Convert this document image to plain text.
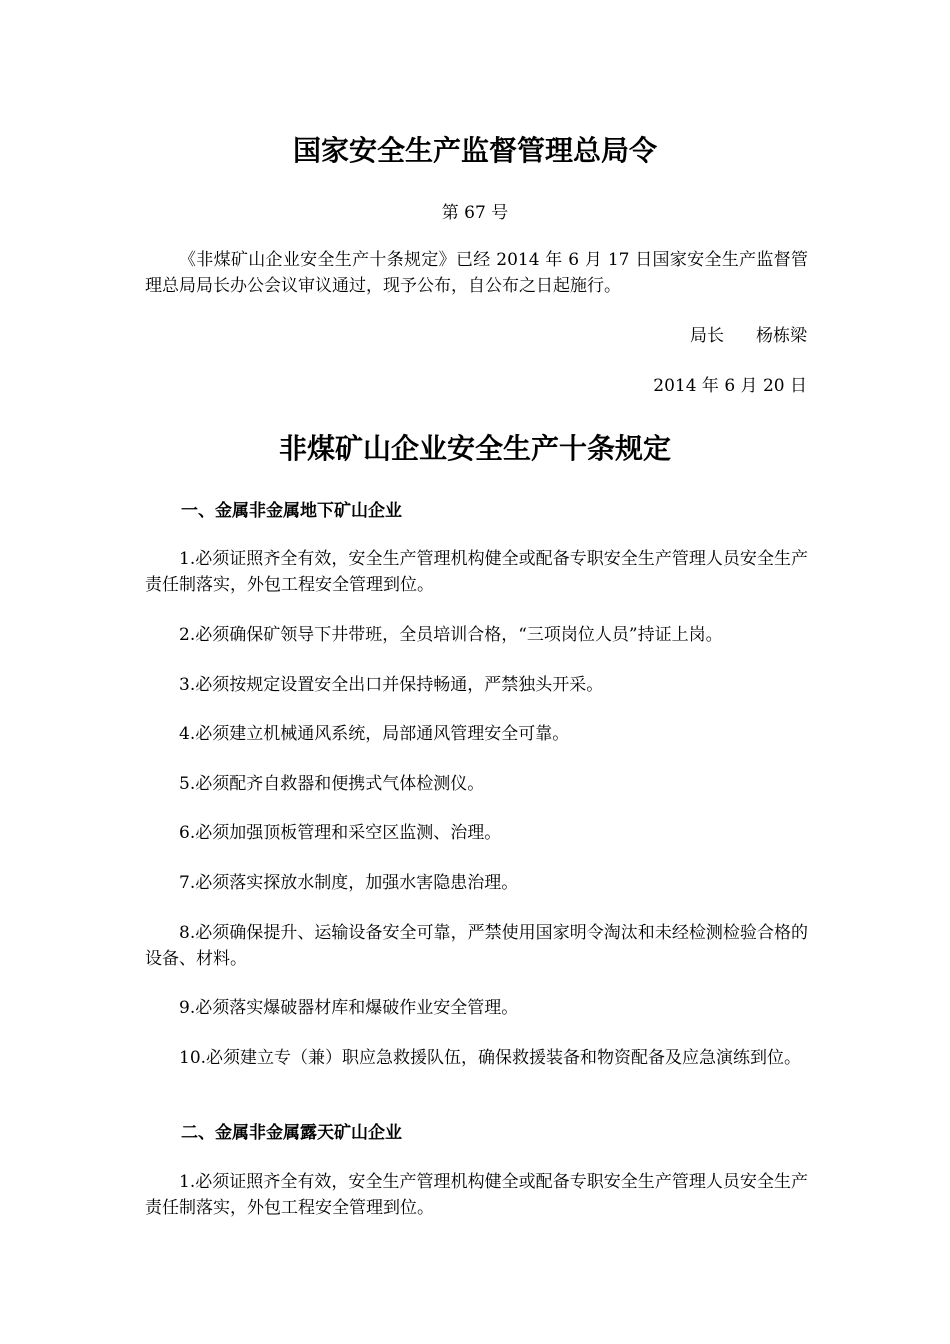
国家安全生产监督管理总局令
第 67 号
《非煤矿山企业安全生产十条规定》已经 2014 年 6 月 17 日国家安全生产监督管理总局局长办公会议审议通过，现予公布，自公布之日起施行。
局长 杨栋梁
2014 年 6 月 20 日
非煤矿山企业安全生产十条规定
一、金属非金属地下矿山企业
1.必须证照齐全有效，安全生产管理机构健全或配备专职安全生产管理人员安全生产责任制落实，外包工程安全管理到位。
2.必须确保矿领导下井带班，全员培训合格，“三项岗位人员”持证上岗。
3.必须按规定设置安全出口并保持畅通，严禁独头开采。
4.必须建立机械通风系统，局部通风管理安全可靠。
5.必须配齐自救器和便携式气体检测仪。
6.必须加强顶板管理和采空区监测、治理。
7.必须落实探放水制度，加强水害隐患治理。
8.必须确保提升、运输设备安全可靠，严禁使用国家明令淘汰和未经检测检验合格的设备、材料。
9.必须落实爆破器材库和爆破作业安全管理。
10.必须建立专（兼）职应急救援队伍，确保救援装备和物资配备及应急演练到位。
二、金属非金属露天矿山企业
1.必须证照齐全有效，安全生产管理机构健全或配备专职安全生产管理人员安全生产责任制落实，外包工程安全管理到位。
